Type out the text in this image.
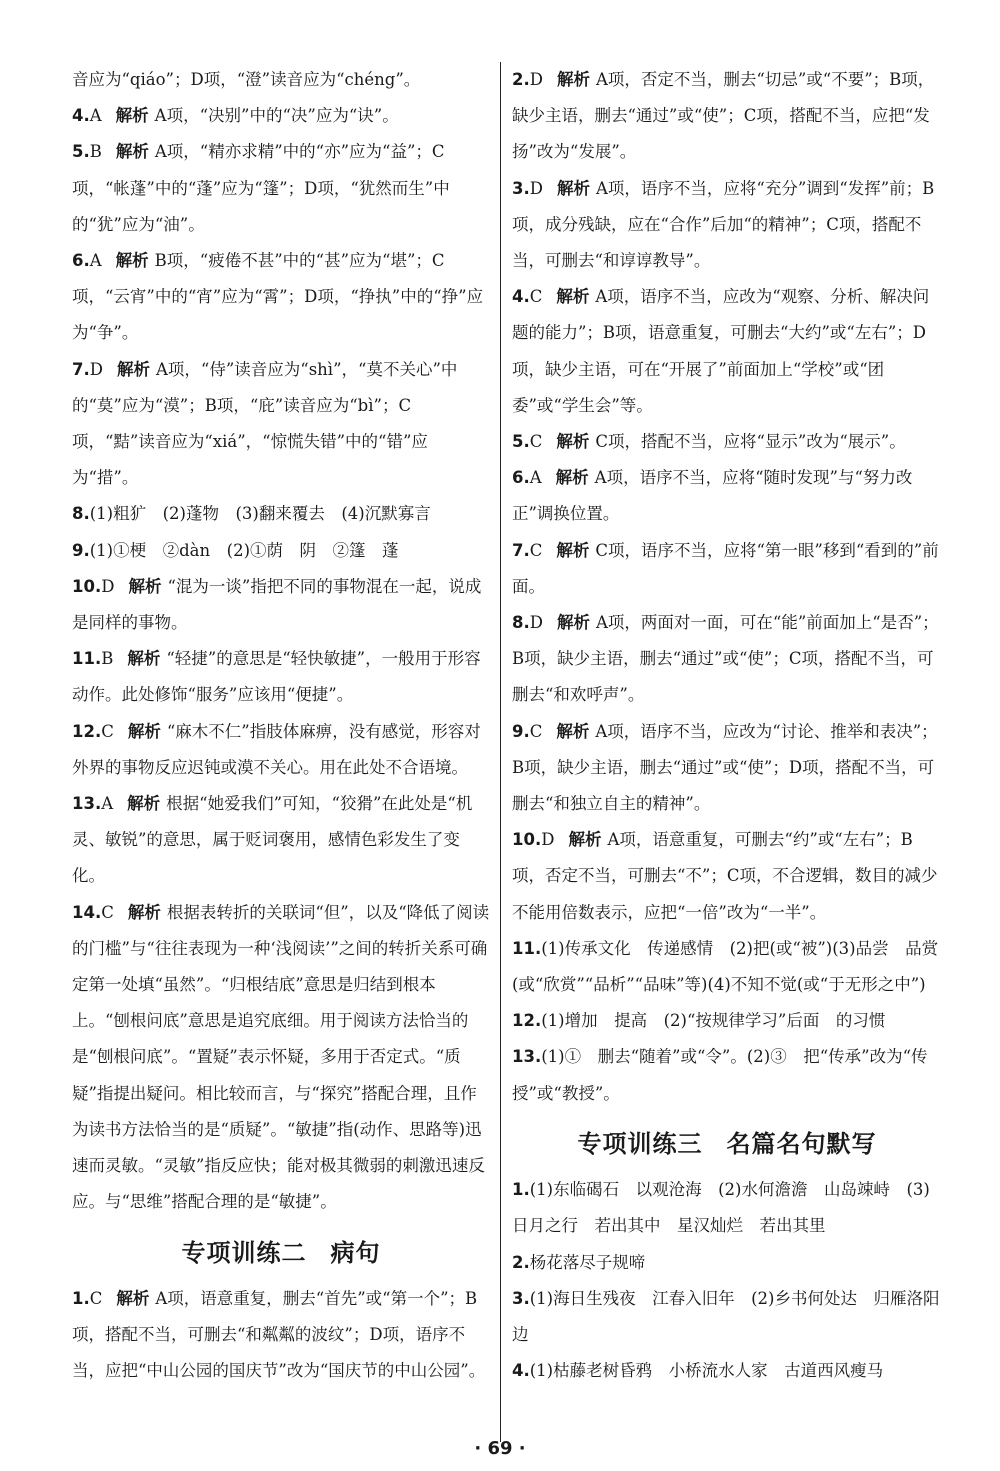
音应为“qiáo”；D项，“澄”读音应为“chéng”。

4.A 解析 A项，“决别”中的“决”应为“诀”。

5.B 解析 A项，“精亦求精”中的“亦”应为“益”；C项，“帐蓬”中的“蓬”应为“篷”；D项，“犹然而生”中的“犹”应为“油”。

6.A 解析 B项，“疲倦不甚”中的“甚”应为“堪”；C项，“云宵”中的“宵”应为“霄”；D项，“挣执”中的“挣”应为“争”。

7.D 解析 A项，“侍”读音应为“shì”，“莫不关心”中的“莫”应为“漠”；B项，“庇”读音应为“bì”；C项，“黠”读音应为“xiá”，“惊慌失错”中的“错”应为“措”。

8.(1)粗犷　(2)蓬物　(3)翻来覆去　(4)沉默寡言

9.(1)①梗　②dàn　(2)①荫　阴　②篷　蓬

10.D 解析 “混为一谈”指把不同的事物混在一起，说成是同样的事物。

11.B 解析 “轻捷”的意思是“轻快敏捷”，一般用于形容动作。此处修饰“服务”应该用“便捷”。

12.C 解析 “麻木不仁”指肢体麻痹，没有感觉，形容对外界的事物反应迟钝或漠不关心。用在此处不合语境。

13.A 解析 根据“她爱我们”可知，“狡猾”在此处是“机灵、敏锐”的意思，属于贬词褒用，感情色彩发生了变化。

14.C 解析 根据表转折的关联词“但”，以及“降低了阅读的门槛”与“往往表现为一种‘浅阅读’”之间的转折关系可确定第一处填“虽然”。“归根结底”意思是归结到根本上。“刨根问底”意思是追究底细。用于阅读方法恰当的是“刨根问底”。“置疑”表示怀疑，多用于否定式。“质疑”指提出疑问。相比较而言，与“探究”搭配合理，且作为读书方法恰当的是“质疑”。“敏捷”指(动作、思路等)迅速而灵敏。“灵敏”指反应快；能对极其微弱的刺激迅速反应。与“思维”搭配合理的是“敏捷”。

专项训练二 病句

1.C 解析 A项，语意重复，删去“首先”或“第一个”；B项，搭配不当，可删去“和粼粼的波纹”；D项，语序不当，应把“中山公园的国庆节”改为“国庆节的中山公园”。

2.D 解析 A项，否定不当，删去“切忌”或“不要”；B项，缺少主语，删去“通过”或“使”；C项，搭配不当，应把“发扬”改为“发展”。

3.D 解析 A项，语序不当，应将“充分”调到“发挥”前；B项，成分残缺，应在“合作”后加“的精神”；C项，搭配不当，可删去“和谆谆教导”。

4.C 解析 A项，语序不当，应改为“观察、分析、解决问题的能力”；B项，语意重复，可删去“大约”或“左右”；D项，缺少主语，可在“开展了”前面加上“学校”或“团委”或“学生会”等。

5.C 解析 C项，搭配不当，应将“显示”改为“展示”。

6.A 解析 A项，语序不当，应将“随时发现”与“努力改正”调换位置。

7.C 解析 C项，语序不当，应将“第一眼”移到“看到的”前面。

8.D 解析 A项，两面对一面，可在“能”前面加上“是否”；B项，缺少主语，删去“通过”或“使”；C项，搭配不当，可删去“和欢呼声”。

9.C 解析 A项，语序不当，应改为“讨论、推举和表决”；B项，缺少主语，删去“通过”或“使”；D项，搭配不当，可删去“和独立自主的精神”。

10.D 解析 A项，语意重复，可删去“约”或“左右”；B项，否定不当，可删去“不”；C项，不合逻辑，数目的减少不能用倍数表示，应把“一倍”改为“一半”。

11.(1)传承文化　传递感情　(2)把(或“被”)(3)品尝　品赏(或“欣赏”“品析”“品味”等)(4)不知不觉(或“于无形之中”)

12.(1)增加　提高　(2)“按规律学习”后面　的习惯

13.(1)①　删去“随着”或“令”。(2)③　把“传承”改为“传授”或“教授”。

专项训练三 名篇名句默写

1.(1)东临碣石　以观沧海　(2)水何澹澹　山岛竦峙　(3)日月之行　若出其中　星汉灿烂　若出其里

2.杨花落尽子规啼

3.(1)海日生残夜　江春入旧年　(2)乡书何处达　归雁洛阳边

4.(1)枯藤老树昏鸦　小桥流水人家　古道西风瘦马

· 69 ·
